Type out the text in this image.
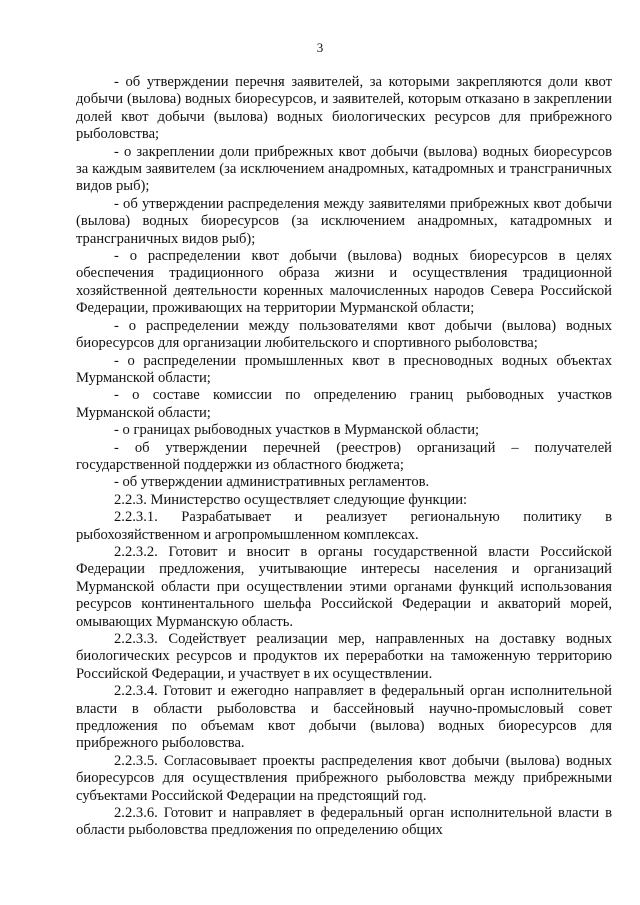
3

- об утверждении перечня заявителей, за которыми закрепляются доли квот добычи (вылова) водных биоресурсов, и заявителей, которым отказано в закреплении долей квот добычи (вылова) водных биологических ресурсов для прибрежного рыболовства;

- о закреплении доли прибрежных квот добычи (вылова) водных биоресурсов за каждым заявителем (за исключением анадромных, катадромных и трансграничных видов рыб);

- об утверждении распределения между заявителями прибрежных квот добычи (вылова) водных биоресурсов (за исключением анадромных, катадромных и трансграничных видов рыб);

- о распределении квот добычи (вылова) водных биоресурсов в целях обеспечения традиционного образа жизни и осуществления традиционной хозяйственной деятельности коренных малочисленных народов Севера Российской Федерации, проживающих на территории Мурманской области;

- о распределении между пользователями квот добычи (вылова) водных биоресурсов для организации любительского и спортивного рыболовства;

- о распределении промышленных квот в пресноводных водных объектах Мурманской области;

- о составе комиссии по определению границ рыбоводных участков Мурманской области;

- о границах рыбоводных участков в Мурманской области;

- об утверждении перечней (реестров) организаций – получателей государственной поддержки из областного бюджета;

- об утверждении административных регламентов.

2.2.3. Министерство осуществляет следующие функции:

2.2.3.1. Разрабатывает и реализует региональную политику в рыбохозяйственном и агропромышленном комплексах.

2.2.3.2. Готовит и вносит в органы государственной власти Российской Федерации предложения, учитывающие интересы населения и организаций Мурманской области при осуществлении этими органами функций использования ресурсов континентального шельфа Российской Федерации и акваторий морей, омывающих Мурманскую область.

2.2.3.3. Содействует реализации мер, направленных на доставку водных биологических ресурсов и продуктов их переработки на таможенную территорию Российской Федерации, и участвует в их осуществлении.

2.2.3.4. Готовит и ежегодно направляет в федеральный орган исполнительной власти в области рыболовства и бассейновый научно-промысловый совет предложения по объемам квот добычи (вылова) водных биоресурсов для прибрежного рыболовства.

2.2.3.5. Согласовывает проекты распределения квот добычи (вылова) водных биоресурсов для осуществления прибрежного рыболовства между прибрежными субъектами Российской Федерации на предстоящий год.

2.2.3.6. Готовит и направляет в федеральный орган исполнительной власти в области рыболовства предложения по определению общих
